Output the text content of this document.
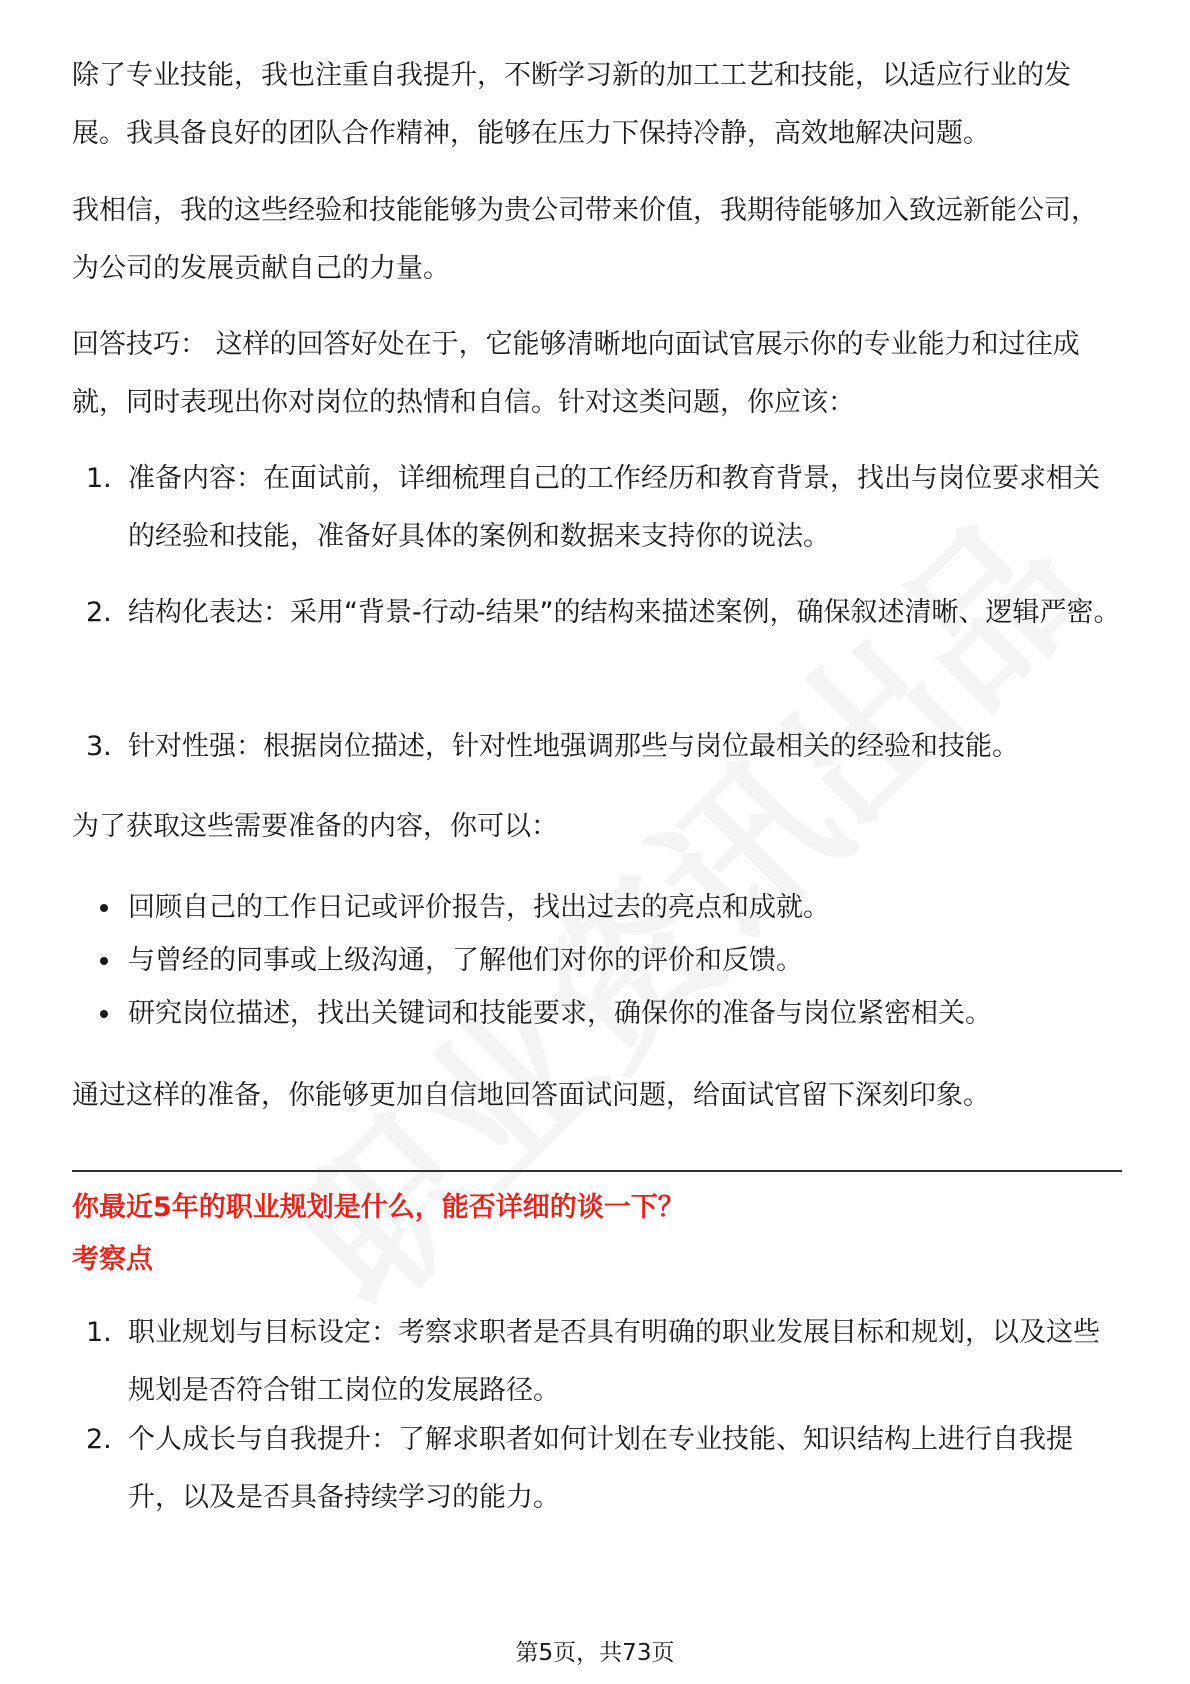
除了专业技能，我也注重自我提升，不断学习新的加工工艺和技能，以适应行业的发展。我具备良好的团队合作精神，能够在压力下保持冷静，高效地解决问题。

我相信，我的这些经验和技能能够为贵公司带来价值，我期待能够加入致远新能公司，为公司的发展贡献自己的力量。

回答技巧： 这样的回答好处在于，它能够清晰地向面试官展示你的专业能力和过往成就，同时表现出你对岗位的热情和自信。针对这类问题，你应该：

1. 准备内容：在面试前，详细梳理自己的工作经历和教育背景，找出与岗位要求相关的经验和技能，准备好具体的案例和数据来支持你的说法。
2. 结构化表达：采用“背景-行动-结果”的结构来描述案例，确保叙述清晰、逻辑严密。
3. 针对性强：根据岗位描述，针对性地强调那些与岗位最相关的经验和技能。

为了获取这些需要准备的内容，你可以：

回顾自己的工作日记或评价报告，找出过去的亮点和成就。
与曾经的同事或上级沟通，了解他们对你的评价和反馈。
研究岗位描述，找出关键词和技能要求，确保你的准备与岗位紧密相关。

通过这样的准备，你能够更加自信地回答面试问题，给面试官留下深刻印象。

你最近5年的职业规划是什么，能否详细的谈一下？
考察点
1. 职业规划与目标设定：考察求职者是否具有明确的职业发展目标和规划，以及这些规划是否符合钳工岗位的发展路径。
2. 个人成长与自我提升：了解求职者如何计划在专业技能、知识结构上进行自我提升，以及是否具备持续学习的能力。
第5页，共73页
